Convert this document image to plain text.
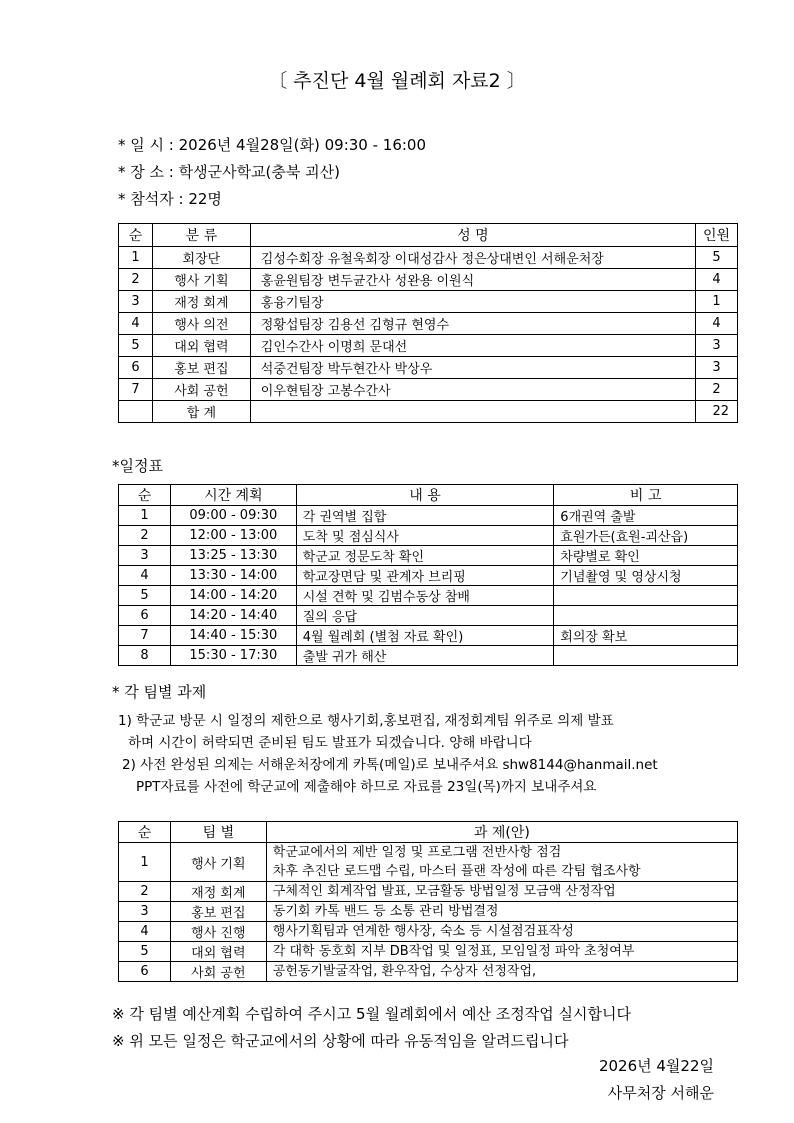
〔 추진단 4월 월례회 자료2 〕
* 일 시 : 2026년 4월28일(화) 09:30 - 16:00
* 장 소 : 학생군사학교(충북 괴산)
* 참석자 : 22명
순	분 류	성 명	인원
1	회장단	김성수회장 유철욱회장 이대성감사 정은상대변인 서해운처장	5
2	행사 기획	홍윤원팀장 변두균간사 성완용 이원식	4
3	재정 회계	홍융기팀장	1
4	행사 의전	정황섭팀장 김용선 김형규 현영수	4
5	대외 협력	김인수간사 이명희 문대선	3
6	홍보 편집	석중건팀장 박두현간사 박상우	3
7	사회 공헌	이우현팀장 고봉수간사	2
	합 계		22
*일정표
순	시간 계획	내 용	비 고
1	09:00 - 09:30	각 권역별 집합	6개권역 출발
2	12:00 - 13:00	도착 및 점심식사	효원가든(효원-괴산읍)
3	13:25 - 13:30	학군교 정문도착 확인	차량별로 확인
4	13:30 - 14:00	학교장면담 및 관계자 브리핑	기념촬영 및 영상시청
5	14:00 - 14:20	시설 견학 및 김범수동상 참배	
6	14:20 - 14:40	질의 응답	
7	14:40 - 15:30	4월 월례회 (별첨 자료 확인)	회의장 확보
8	15:30 - 17:30	출발 귀가 해산	
* 각 팀별 과제
1) 학군교 방문 시 일정의 제한으로 행사기회,홍보편집, 재정회계팀 위주로 의제 발표
하며 시간이 허락되면 준비된 팀도 발표가 되겠습니다. 양해 바랍니다
2) 사전 완성된 의제는 서해운처장에게 카톡(메일)로 보내주셔요 shw8144@hanmail.net
PPT자료를 사전에 학군교에 제출해야 하므로 자료를 23일(목)까지 보내주셔요
순	팀 별	과 제(안)
1	행사 기획	학군교에서의 제반 일정 및 프로그램 전반사항 점검
차후 추진단 로드맵 수립, 마스터 플랜 작성에 따른 각팀 협조사항

2	재정 회계	구체적인 회계작업 발표, 모금활동 방법일정 모금액 산정작업

3	홍보 편집	동기회 카톡 밴드 등 소통 관리 방법결정

4	행사 진행	행사기획팀과 연계한 행사장, 숙소 등 시설점검표작성

5	대외 협력	각 대학 동호회 지부 DB작업 및 일정표, 모임일정 파악 초청여부

6	사회 공헌	공헌동기발굴작업, 환우작업, 수상자 선정작업,
※ 각 팀별 예산계획 수립하여 주시고 5월 월례회에서 예산 조정작업 실시합니다
※ 위 모든 일정은 학군교에서의 상황에 따라 유동적임을 알려드립니다
2026년 4월22일
사무처장 서해운
